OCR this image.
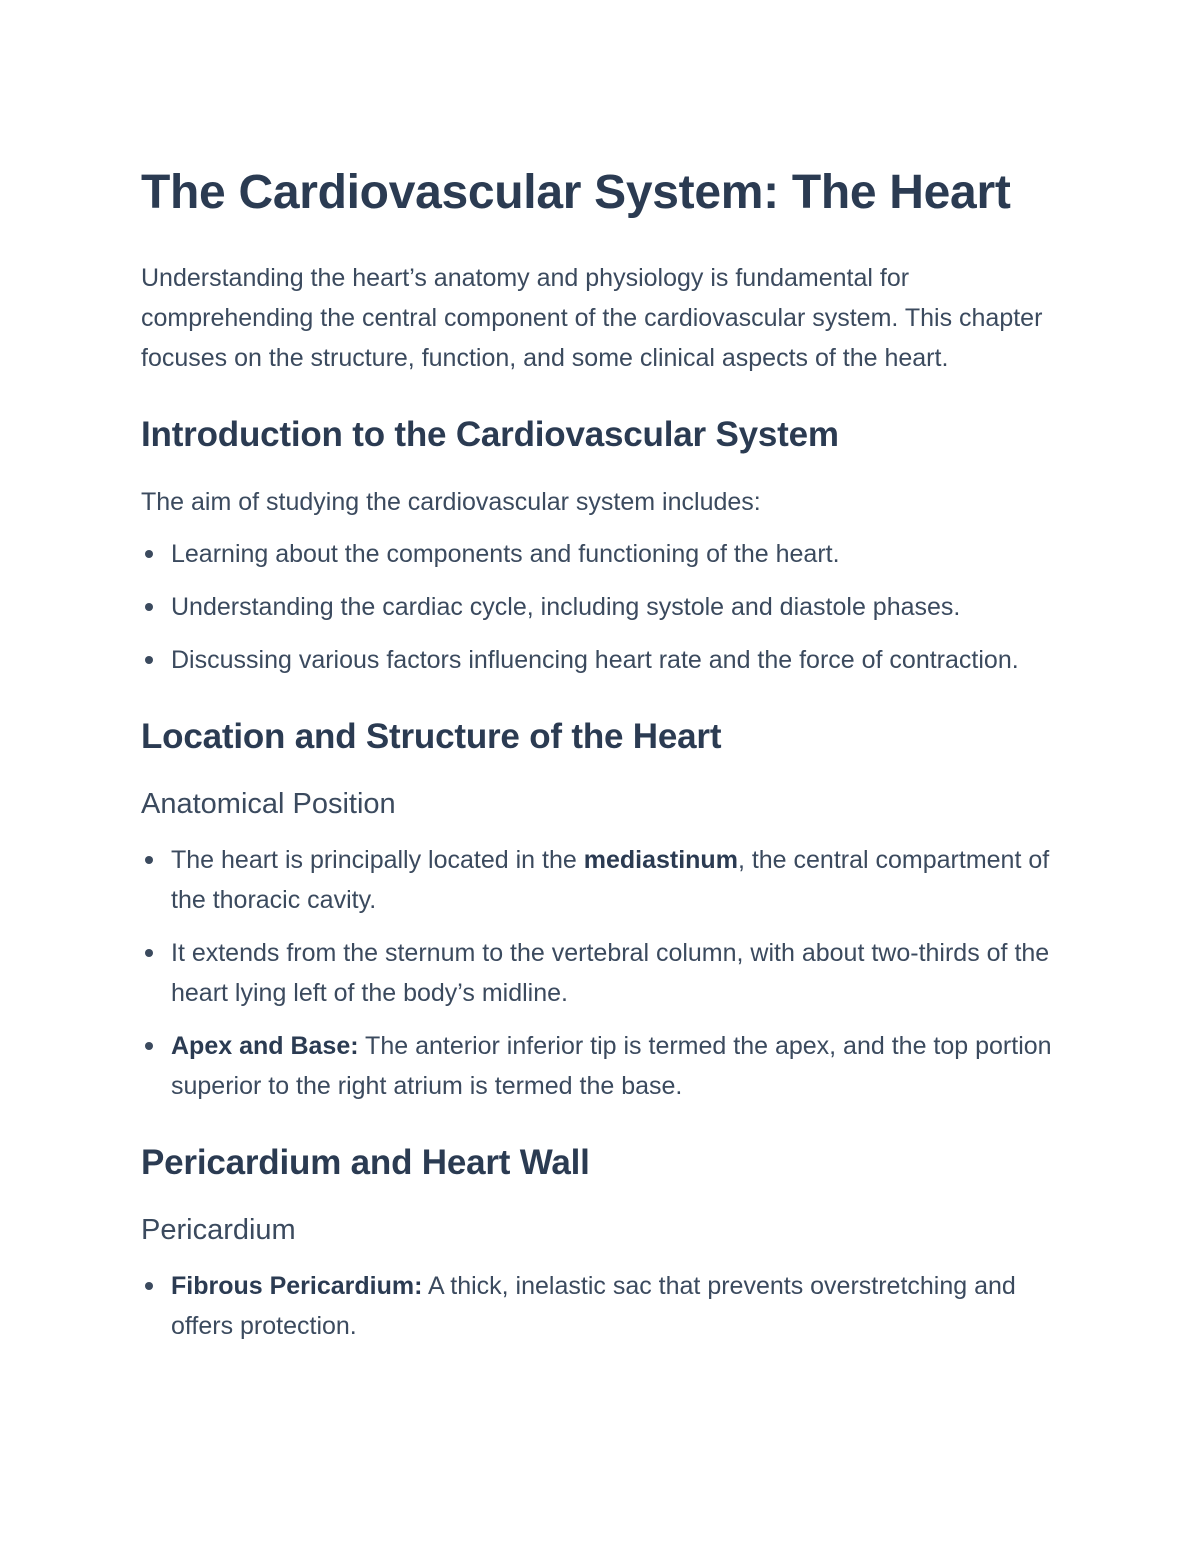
The Cardiovascular System: The Heart

Understanding the heart’s anatomy and physiology is fundamental for comprehending the central component of the cardiovascular system. This chapter focuses on the structure, function, and some clinical aspects of the heart.

Introduction to the Cardiovascular System

The aim of studying the cardiovascular system includes:

Learning about the components and functioning of the heart.
Understanding the cardiac cycle, including systole and diastole phases.
Discussing various factors influencing heart rate and the force of contraction.
Location and Structure of the Heart
Anatomical Position
The heart is principally located in the mediastinum, the central compartment of the thoracic cavity.
It extends from the sternum to the vertebral column, with about two-thirds of the heart lying left of the body’s midline.
Apex and Base: The anterior inferior tip is termed the apex, and the top portion superior to the right atrium is termed the base.
Pericardium and Heart Wall
Pericardium
Fibrous Pericardium: A thick, inelastic sac that prevents overstretching and offers protection.
